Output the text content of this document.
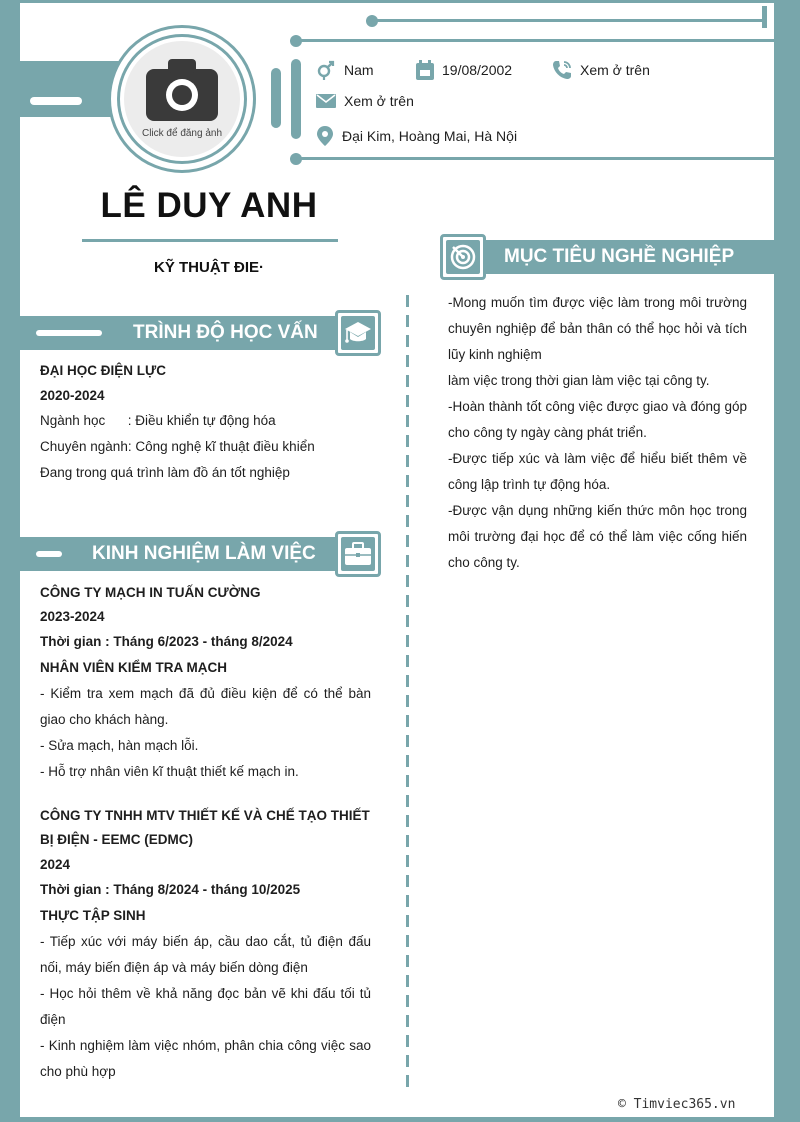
Click để đăng ảnh
Nam	19/08/2002	Xem ở trên
Xem ở trên
Đại Kim, Hoàng Mai, Hà Nội
LÊ DUY ANH
KỸ THUẬT ĐIE·
MỤC TIÊU NGHỀ NGHIỆP
TRÌNH ĐỘ HỌC VẤN
ĐẠI HỌC ĐIỆN LỰC
2020-2024
Ngành học      : Điều khiển tự động hóa
Chuyên ngành: Công nghệ kĩ thuật điều khiển
Đang trong quá trình làm đồ án tốt nghiệp
KINH NGHIỆM LÀM VIỆC
CÔNG TY MẠCH IN TUẤN CƯỜNG
2023-2024
Thời gian : Tháng 6/2023 - tháng 8/2024
NHÂN VIÊN KIỂM TRA MẠCH
- Kiểm tra xem mạch đã đủ điều kiện để có thể bàn giao cho khách hàng.
- Sửa mạch, hàn mạch lỗi.
- Hỗ trợ nhân viên kĩ thuật thiết kế mạch in.
CÔNG TY TNHH MTV THIẾT KẾ VÀ CHẾ TẠO THIẾT BỊ ĐIỆN - EEMC (EDMC)
2024
Thời gian : Tháng 8/2024 - tháng 10/2025
THỰC TẬP SINH
- Tiếp xúc với máy biến áp, cầu dao cắt, tủ điện đấu nối, máy biến điện áp và máy biến dòng điện
- Học hỏi thêm về khả năng đọc bản vẽ khi đấu tối tủ điện
- Kinh nghiệm làm việc nhóm, phân chia công việc sao cho phù hợp
-Mong muốn tìm được việc làm trong môi trường chuyên nghiệp để bản thân có thể học hỏi và tích lũy kinh nghiệm
làm việc trong thời gian làm việc tại công ty.
-Hoàn thành tốt công việc được giao và đóng góp cho công ty ngày càng phát triển.
-Được tiếp xúc và làm việc để hiểu biết thêm về công lập trình tự động hóa.
-Được vận dụng những kiến thức môn học trong môi trường đại học để có thể làm việc cống hiến cho công ty.
© Timviec365.vn
